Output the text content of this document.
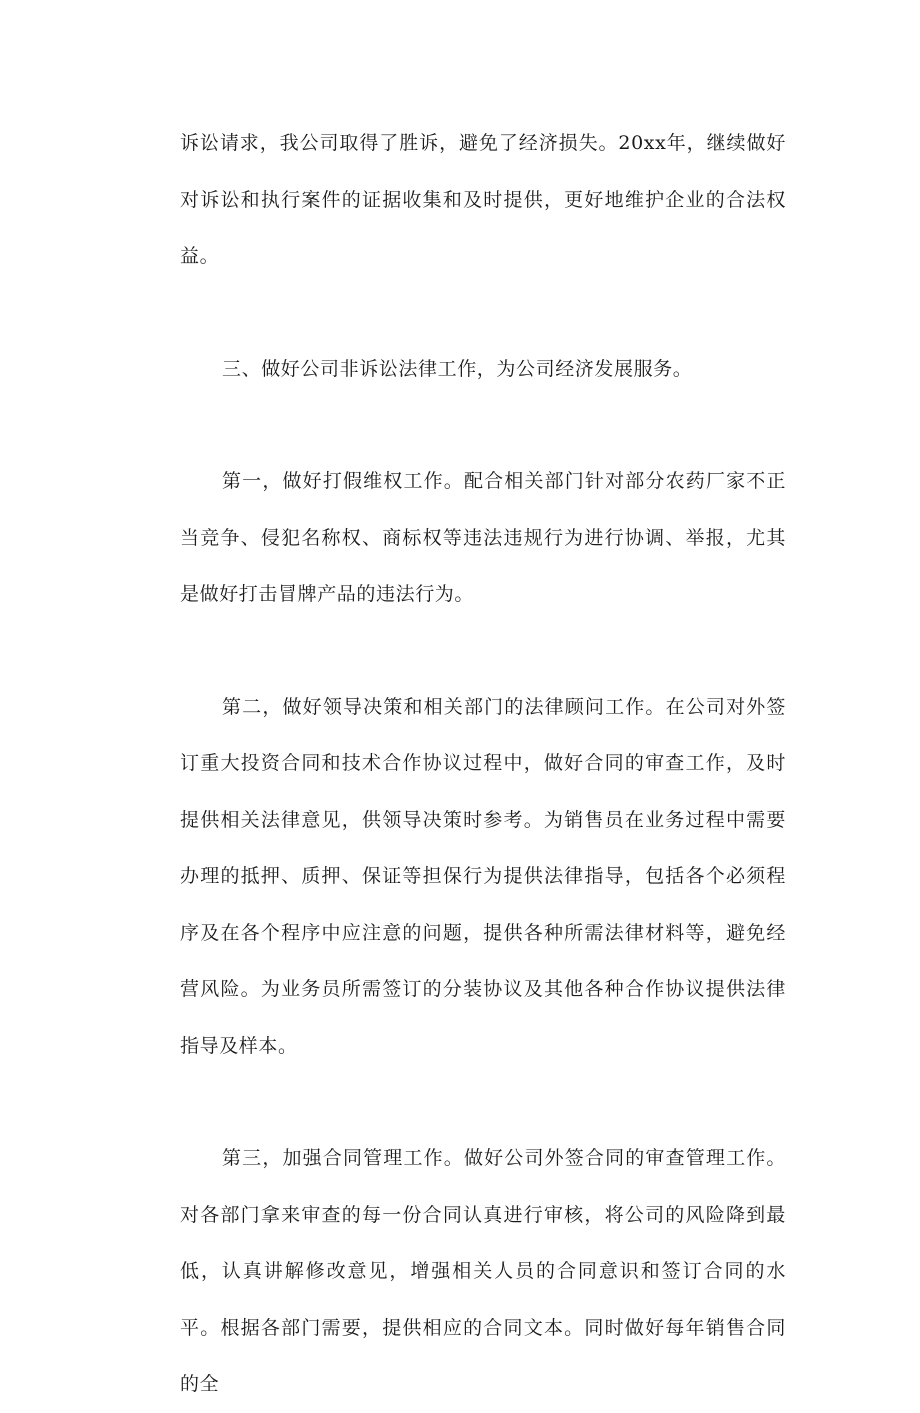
诉讼请求，我公司取得了胜诉，避免了经济损失。20xx年，继续做好对诉讼和执行案件的证据收集和及时提供，更好地维护企业的合法权益。

三、做好公司非诉讼法律工作，为公司经济发展服务。

第一，做好打假维权工作。配合相关部门针对部分农药厂家不正当竞争、侵犯名称权、商标权等违法违规行为进行协调、举报，尤其是做好打击冒牌产品的违法行为。

第二，做好领导决策和相关部门的法律顾问工作。在公司对外签订重大投资合同和技术合作协议过程中，做好合同的审查工作，及时提供相关法律意见，供领导决策时参考。为销售员在业务过程中需要办理的抵押、质押、保证等担保行为提供法律指导，包括各个必须程序及在各个程序中应注意的问题，提供各种所需法律材料等，避免经营风险。为业务员所需签订的分装协议及其他各种合作协议提供法律指导及样本。

第三，加强合同管理工作。做好公司外签合同的审查管理工作。对各部门拿来审查的每一份合同认真进行审核，将公司的风险降到最低，认真讲解修改意见，增强相关人员的合同意识和签订合同的水平。根据各部门需要，提供相应的合同文本。同时做好每年销售合同的全
